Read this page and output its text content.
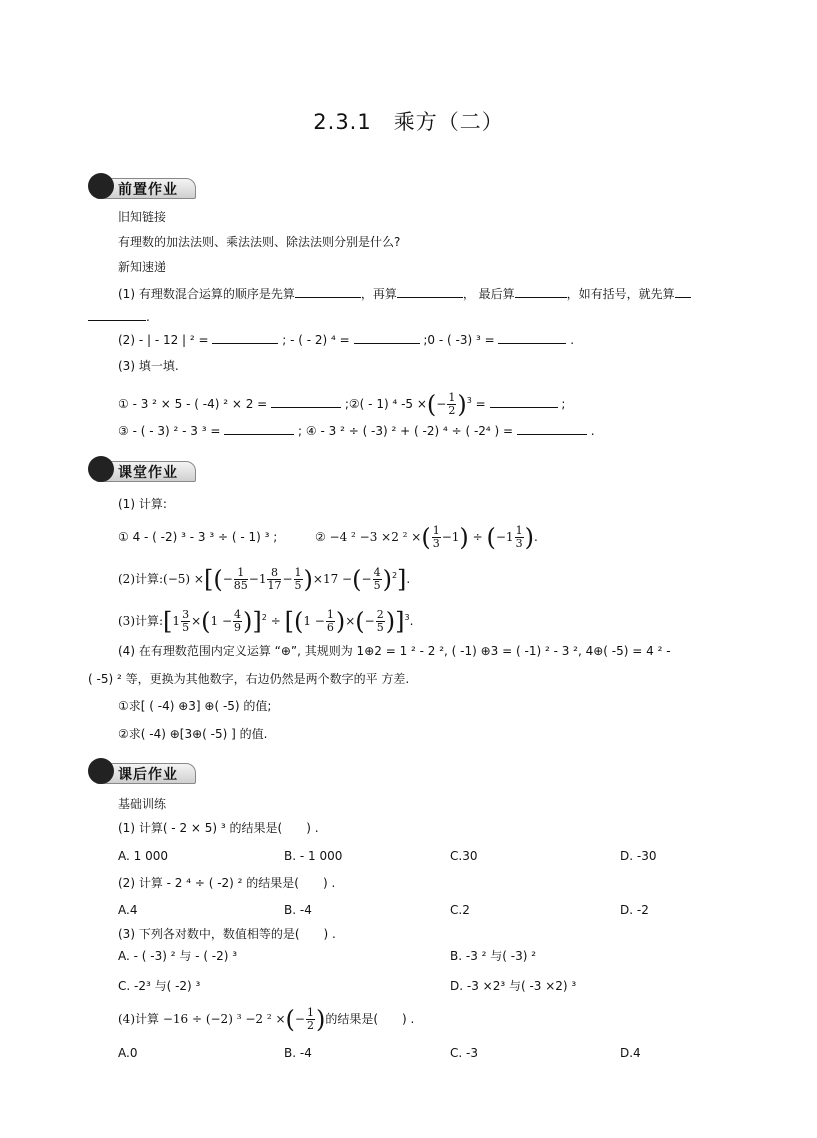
2.3.1　乘方（二）
前置作业
旧知链接
有理数的加法法则、乘法法则、除法法则分别是什么?
新知速递
(1) 有理数混合运算的顺序是先算	，再算	， 最后算	，如有括号，就先算
.
(2) - | - 12 | ² =	; - ( - 2) ⁴ =	;0 - ( -3) ³ =	.
(3) 填一填.
① - 3 ² × 5 - ( -4) ² × 2 =	;②( - 1) ⁴ -5 ×(− $\frac{1}{2} )^3$ =	;
③ - ( - 3) ² - 3 ³ =	; ④ - 3 ² ÷ ( -3) ² + ( -2) ⁴ ÷ ( -2⁴ ) =	.
课堂作业
(1) 计算:
① 4 - ( -2) ³ - 3 ³ ÷ ( - 1) ³ ;	② −4 ² −3 ×2 ² ×( $\frac{1}{3} -1) \div (-1 \frac{1}{3}$ ).
(2)计算:(−5) ×[(− $\frac{1}{85} -1 \frac{8}{17} - \frac{1}{5} )\times 17$ −(− $\frac{4}{5} )^2$].
(3)计算:[1 $\frac{3}{5} \times(1 - \frac{4}{9} )]^2 \div [(1 - \frac{1}{6}$ )×(− $\frac{2}{5} )]^3$.
(4) 在有理数范围内定义运算 “⊕”, 其规则为 1⊕2 = 1 ² - 2 ², ( -1) ⊕3 = ( -1) ² - 3 ², 4⊕( -5) = 4 ² -
( -5) ² 等，更换为其他数字，右边仍然是两个数字的平 方差.
①求[ ( -4) ⊕3] ⊕( -5) 的值;
②求( -4) ⊕[3⊕( -5) ] 的值.
课后作业
基础训练
(1) 计算( - 2 × 5) ³ 的结果是(　　) .
A. 1 000	B. - 1 000	C.30	D. -30
(2) 计算 - 2 ⁴ ÷ ( -2) ² 的结果是(　　) .
A.4	B. -4	C.2	D. -2
(3) 下列各对数中，数值相等的是(　　) .
A. - ( -3) ² 与 - ( -2) ³	B. -3 ² 与( -3) ²
C. -2³ 与( -2) ³	D. -3 ×2³ 与( -3 ×2) ³
(4)计算 −16 ÷ (−2) ³ −2 ² ×(− $\frac{1}{2}$ )的结果是(　　) .
A.0	B. -4	C. -3	D.4
